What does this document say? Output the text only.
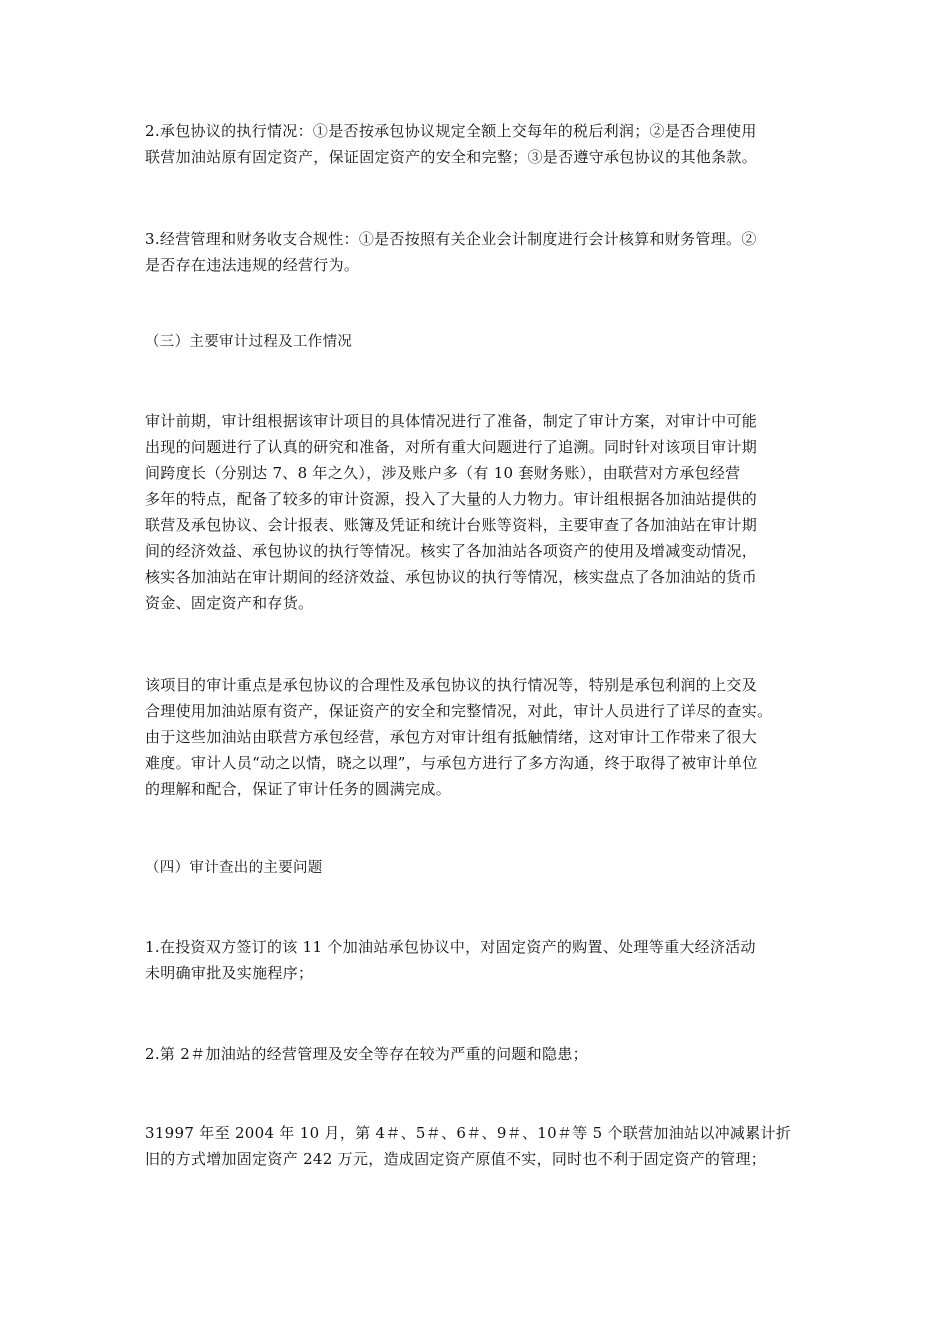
2.承包协议的执行情况：①是否按承包协议规定全额上交每年的税后利润；②是否合理使用
联营加油站原有固定资产，保证固定资产的安全和完整；③是否遵守承包协议的其他条款。

3.经营管理和财务收支合规性：①是否按照有关企业会计制度进行会计核算和财务管理。②
是否存在违法违规的经营行为。

（三）主要审计过程及工作情况

审计前期，审计组根据该审计项目的具体情况进行了准备，制定了审计方案，对审计中可能
出现的问题进行了认真的研究和准备，对所有重大问题进行了追溯。同时针对该项目审计期
间跨度长（分别达 7、8 年之久），涉及账户多（有 10 套财务账），由联营对方承包经营
多年的特点，配备了较多的审计资源，投入了大量的人力物力。审计组根据各加油站提供的
联营及承包协议、会计报表、账簿及凭证和统计台账等资料，主要审查了各加油站在审计期
间的经济效益、承包协议的执行等情况。核实了各加油站各项资产的使用及增减变动情况，
核实各加油站在审计期间的经济效益、承包协议的执行等情况，核实盘点了各加油站的货币
资金、固定资产和存货。

该项目的审计重点是承包协议的合理性及承包协议的执行情况等，特别是承包利润的上交及
合理使用加油站原有资产，保证资产的安全和完整情况，对此，审计人员进行了详尽的查实。
由于这些加油站由联营方承包经营，承包方对审计组有抵触情绪，这对审计工作带来了很大
难度。审计人员“动之以情，晓之以理”，与承包方进行了多方沟通，终于取得了被审计单位
的理解和配合，保证了审计任务的圆满完成。

（四）审计查出的主要问题

1.在投资双方签订的该 11 个加油站承包协议中，对固定资产的购置、处理等重大经济活动
未明确审批及实施程序；

2.第 2＃加油站的经营管理及安全等存在较为严重的问题和隐患；

31997 年至 2004 年 10 月，第 4＃、5＃、6＃、9＃、10＃等 5 个联营加油站以冲减累计折
旧的方式增加固定资产 242 万元，造成固定资产原值不实，同时也不利于固定资产的管理；
